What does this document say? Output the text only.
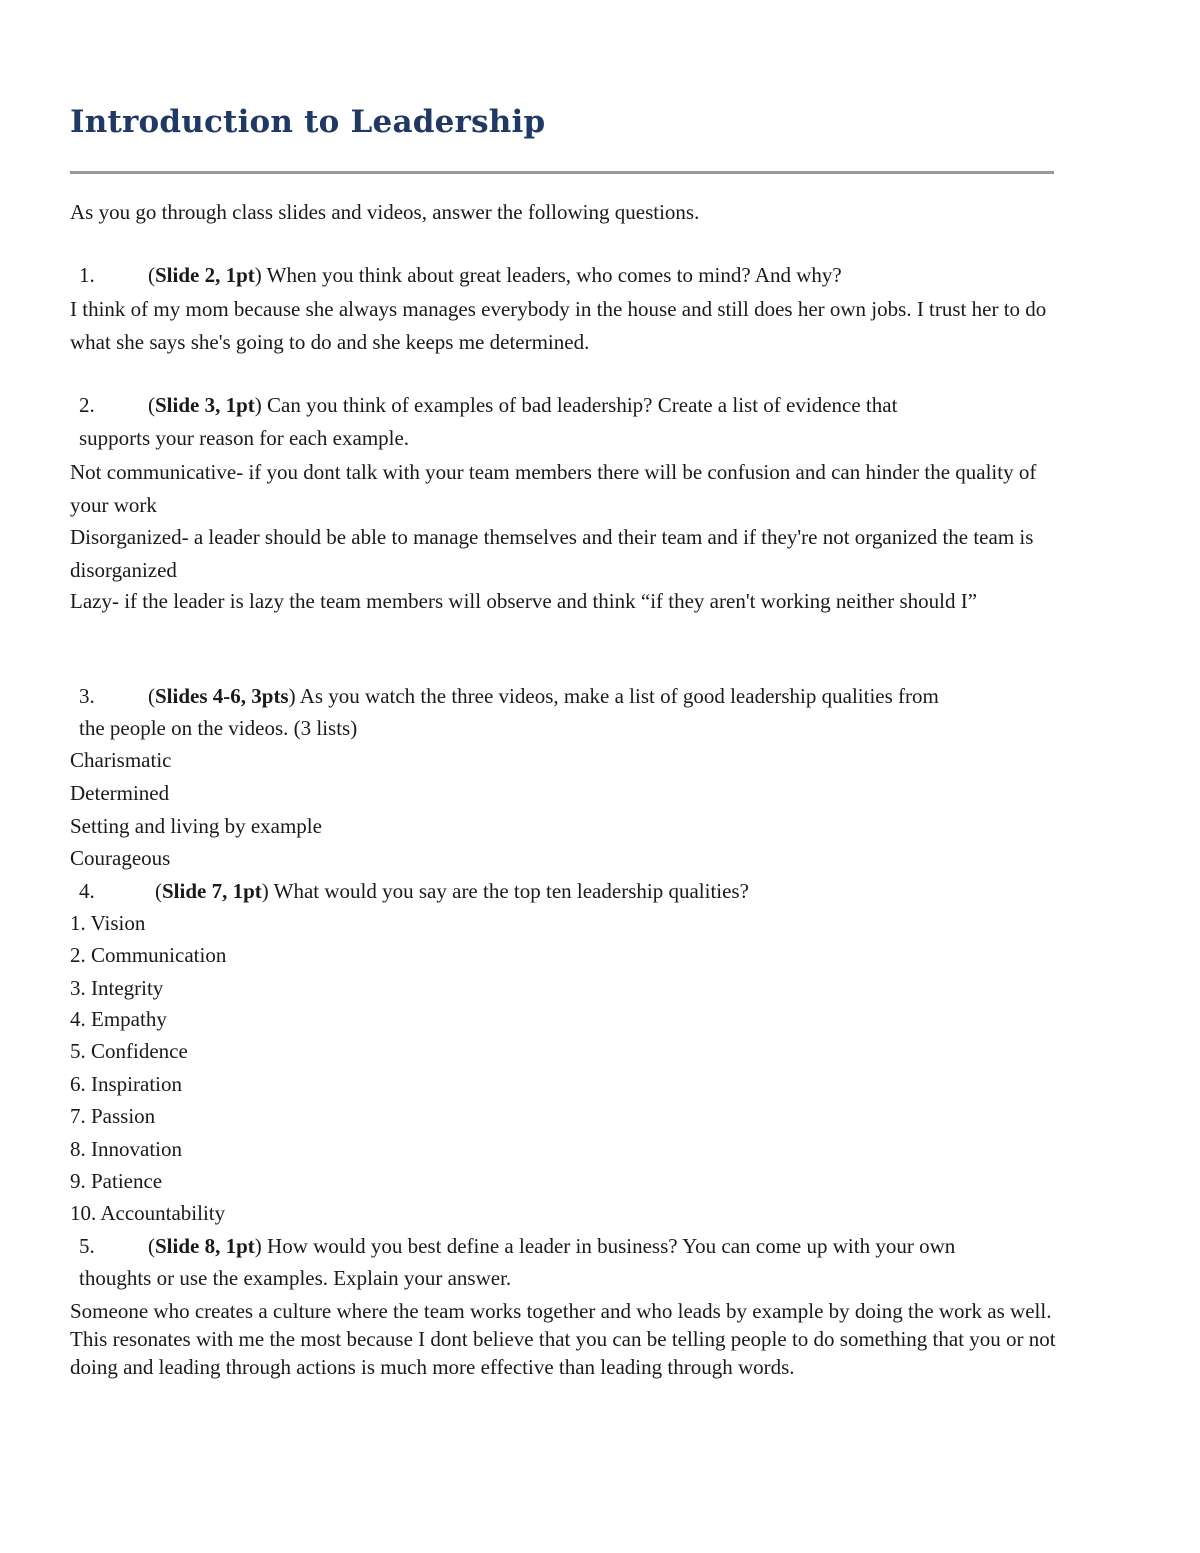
Introduction to Leadership
As you go through class slides and videos, answer the following questions.
1.	(Slide 2, 1pt) When you think about great leaders, who comes to mind? And why?

I think of my mom because she always manages everybody in the house and still does her own jobs. I trust her to do what she says she's going to do and she keeps me determined.

2.	(Slide 3, 1pt) Can you think of examples of bad leadership? Create a list of evidence that
supports your reason for each example.

Not communicative- if you dont talk with your team members there will be confusion and can hinder the quality of your work

Disorganized- a leader should be able to manage themselves and their team and if they're not organized the team is disorganized

Lazy- if the leader is lazy the team members will observe and think “if they aren't working neither should I”

3.	(Slides 4-6, 3pts) As you watch the three videos, make a list of good leadership qualities from
the people on the videos. (3 lists)
Charismatic
Determined
Setting and living by example
Courageous
4.	(Slide 7, 1pt) What would you say are the top ten leadership qualities?
1. Vision
2. Communication
3. Integrity
4. Empathy
5. Confidence
6. Inspiration
7. Passion
8. Innovation
9. Patience
10. Accountability
5.	(Slide 8, 1pt) How would you best define a leader in business? You can come up with your own
thoughts or use the examples. Explain your answer.

Someone who creates a culture where the team works together and who leads by example by doing the work as well. This resonates with me the most because I dont believe that you can be telling people to do something that you or not doing and leading through actions is much more effective than leading through words.
